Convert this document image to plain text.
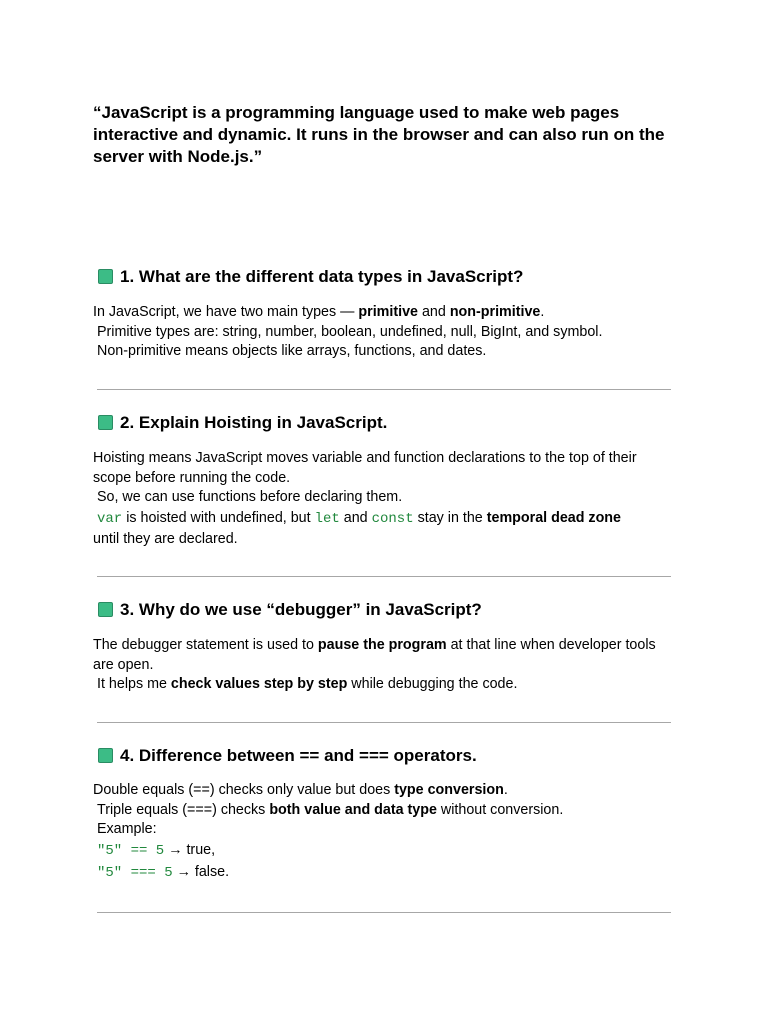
“JavaScript is a programming language used to make web pages interactive and dynamic. It runs in the browser and can also run on the server with Node.js.”
1. What are the different data types in JavaScript?

In JavaScript, we have two main types — primitive and non-primitive.

Primitive types are: string, number, boolean, undefined, null, BigInt, and symbol.

Non-primitive means objects like arrays, functions, and dates.

2. Explain Hoisting in JavaScript.

Hoisting means JavaScript moves variable and function declarations to the top of their scope before running the code.

So, we can use functions before declaring them.

var is hoisted with undefined, but let and const stay in the temporal dead zone

until they are declared.

3. Why do we use “debugger” in JavaScript?

The debugger statement is used to pause the program at that line when developer tools are open.

It helps me check values step by step while debugging the code.

4. Difference between == and === operators.

Double equals (==) checks only value but does type conversion.

Triple equals (===) checks both value and data type without conversion.

Example:

"5" == 5 → true,

"5" === 5 → false.
